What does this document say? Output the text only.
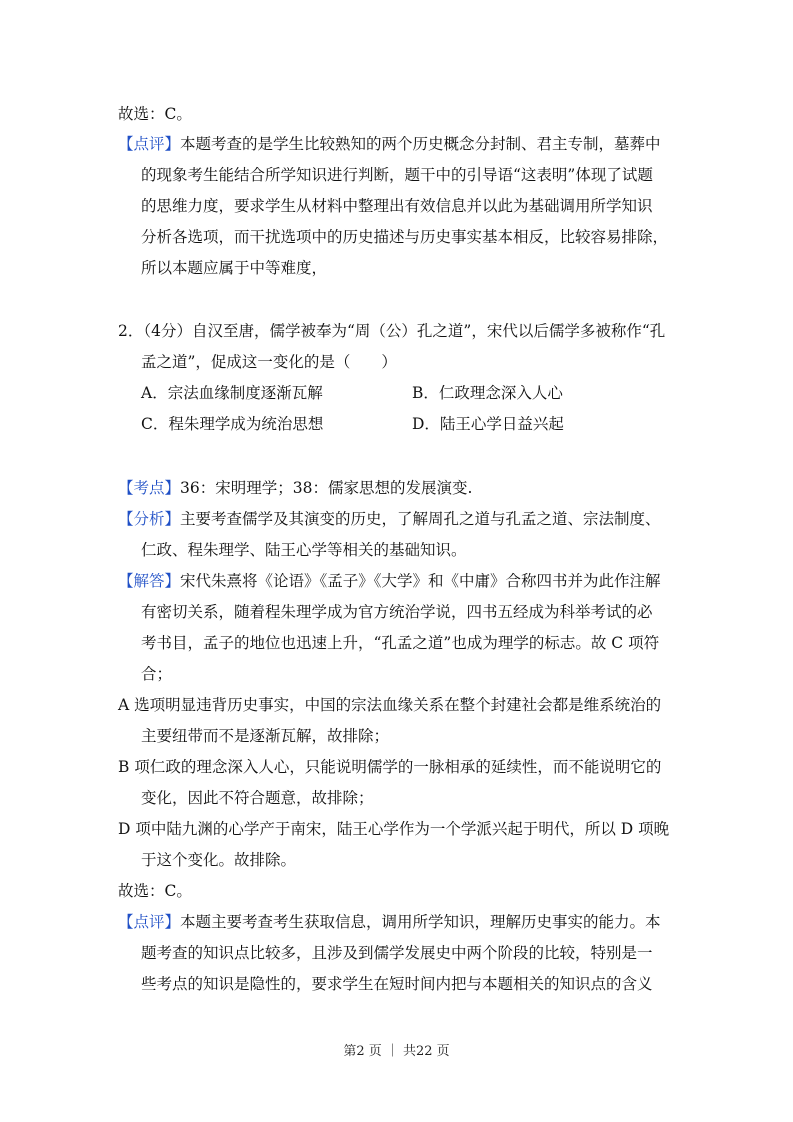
故选：C。
【点评】本题考查的是学生比较熟知的两个历史概念分封制、君主专制，墓葬中
的现象考生能结合所学知识进行判断，题干中的引导语“这表明”体现了试题
的思维力度，要求学生从材料中整理出有效信息并以此为基础调用所学知识
分析各选项，而干扰选项中的历史描述与历史事实基本相反，比较容易排除，
所以本题应属于中等难度，
2．（4分）自汉至唐，儒学被奉为“周（公）孔之道”，宋代以后儒学多被称作“孔
孟之道”，促成这一变化的是（　　）
A．宗法血缘制度逐渐瓦解	B．仁政理念深入人心
C．程朱理学成为统治思想	D．陆王心学日益兴起
【考点】36：宋明理学；38：儒家思想的发展演变.
【分析】主要考查儒学及其演变的历史，了解周孔之道与孔孟之道、宗法制度、
仁政、程朱理学、陆王心学等相关的基础知识。
【解答】宋代朱熹将《论语》《孟子》《大学》和《中庸》合称四书并为此作注解
有密切关系，随着程朱理学成为官方统治学说，四书五经成为科举考试的必
考书目，孟子的地位也迅速上升，“孔孟之道”也成为理学的标志。故 C 项符
合；
A 选项明显违背历史事实，中国的宗法血缘关系在整个封建社会都是维系统治的
主要纽带而不是逐渐瓦解，故排除；
B 项仁政的理念深入人心，只能说明儒学的一脉相承的延续性，而不能说明它的
变化，因此不符合题意，故排除；
D 项中陆九渊的心学产于南宋，陆王心学作为一个学派兴起于明代，所以 D 项晚
于这个变化。故排除。
故选：C。
【点评】本题主要考查考生获取信息，调用所学知识，理解历史事实的能力。本
题考查的知识点比较多，且涉及到儒学发展史中两个阶段的比较，特别是一
些考点的知识是隐性的，要求学生在短时间内把与本题相关的知识点的含义
第2 页 ｜ 共22 页
